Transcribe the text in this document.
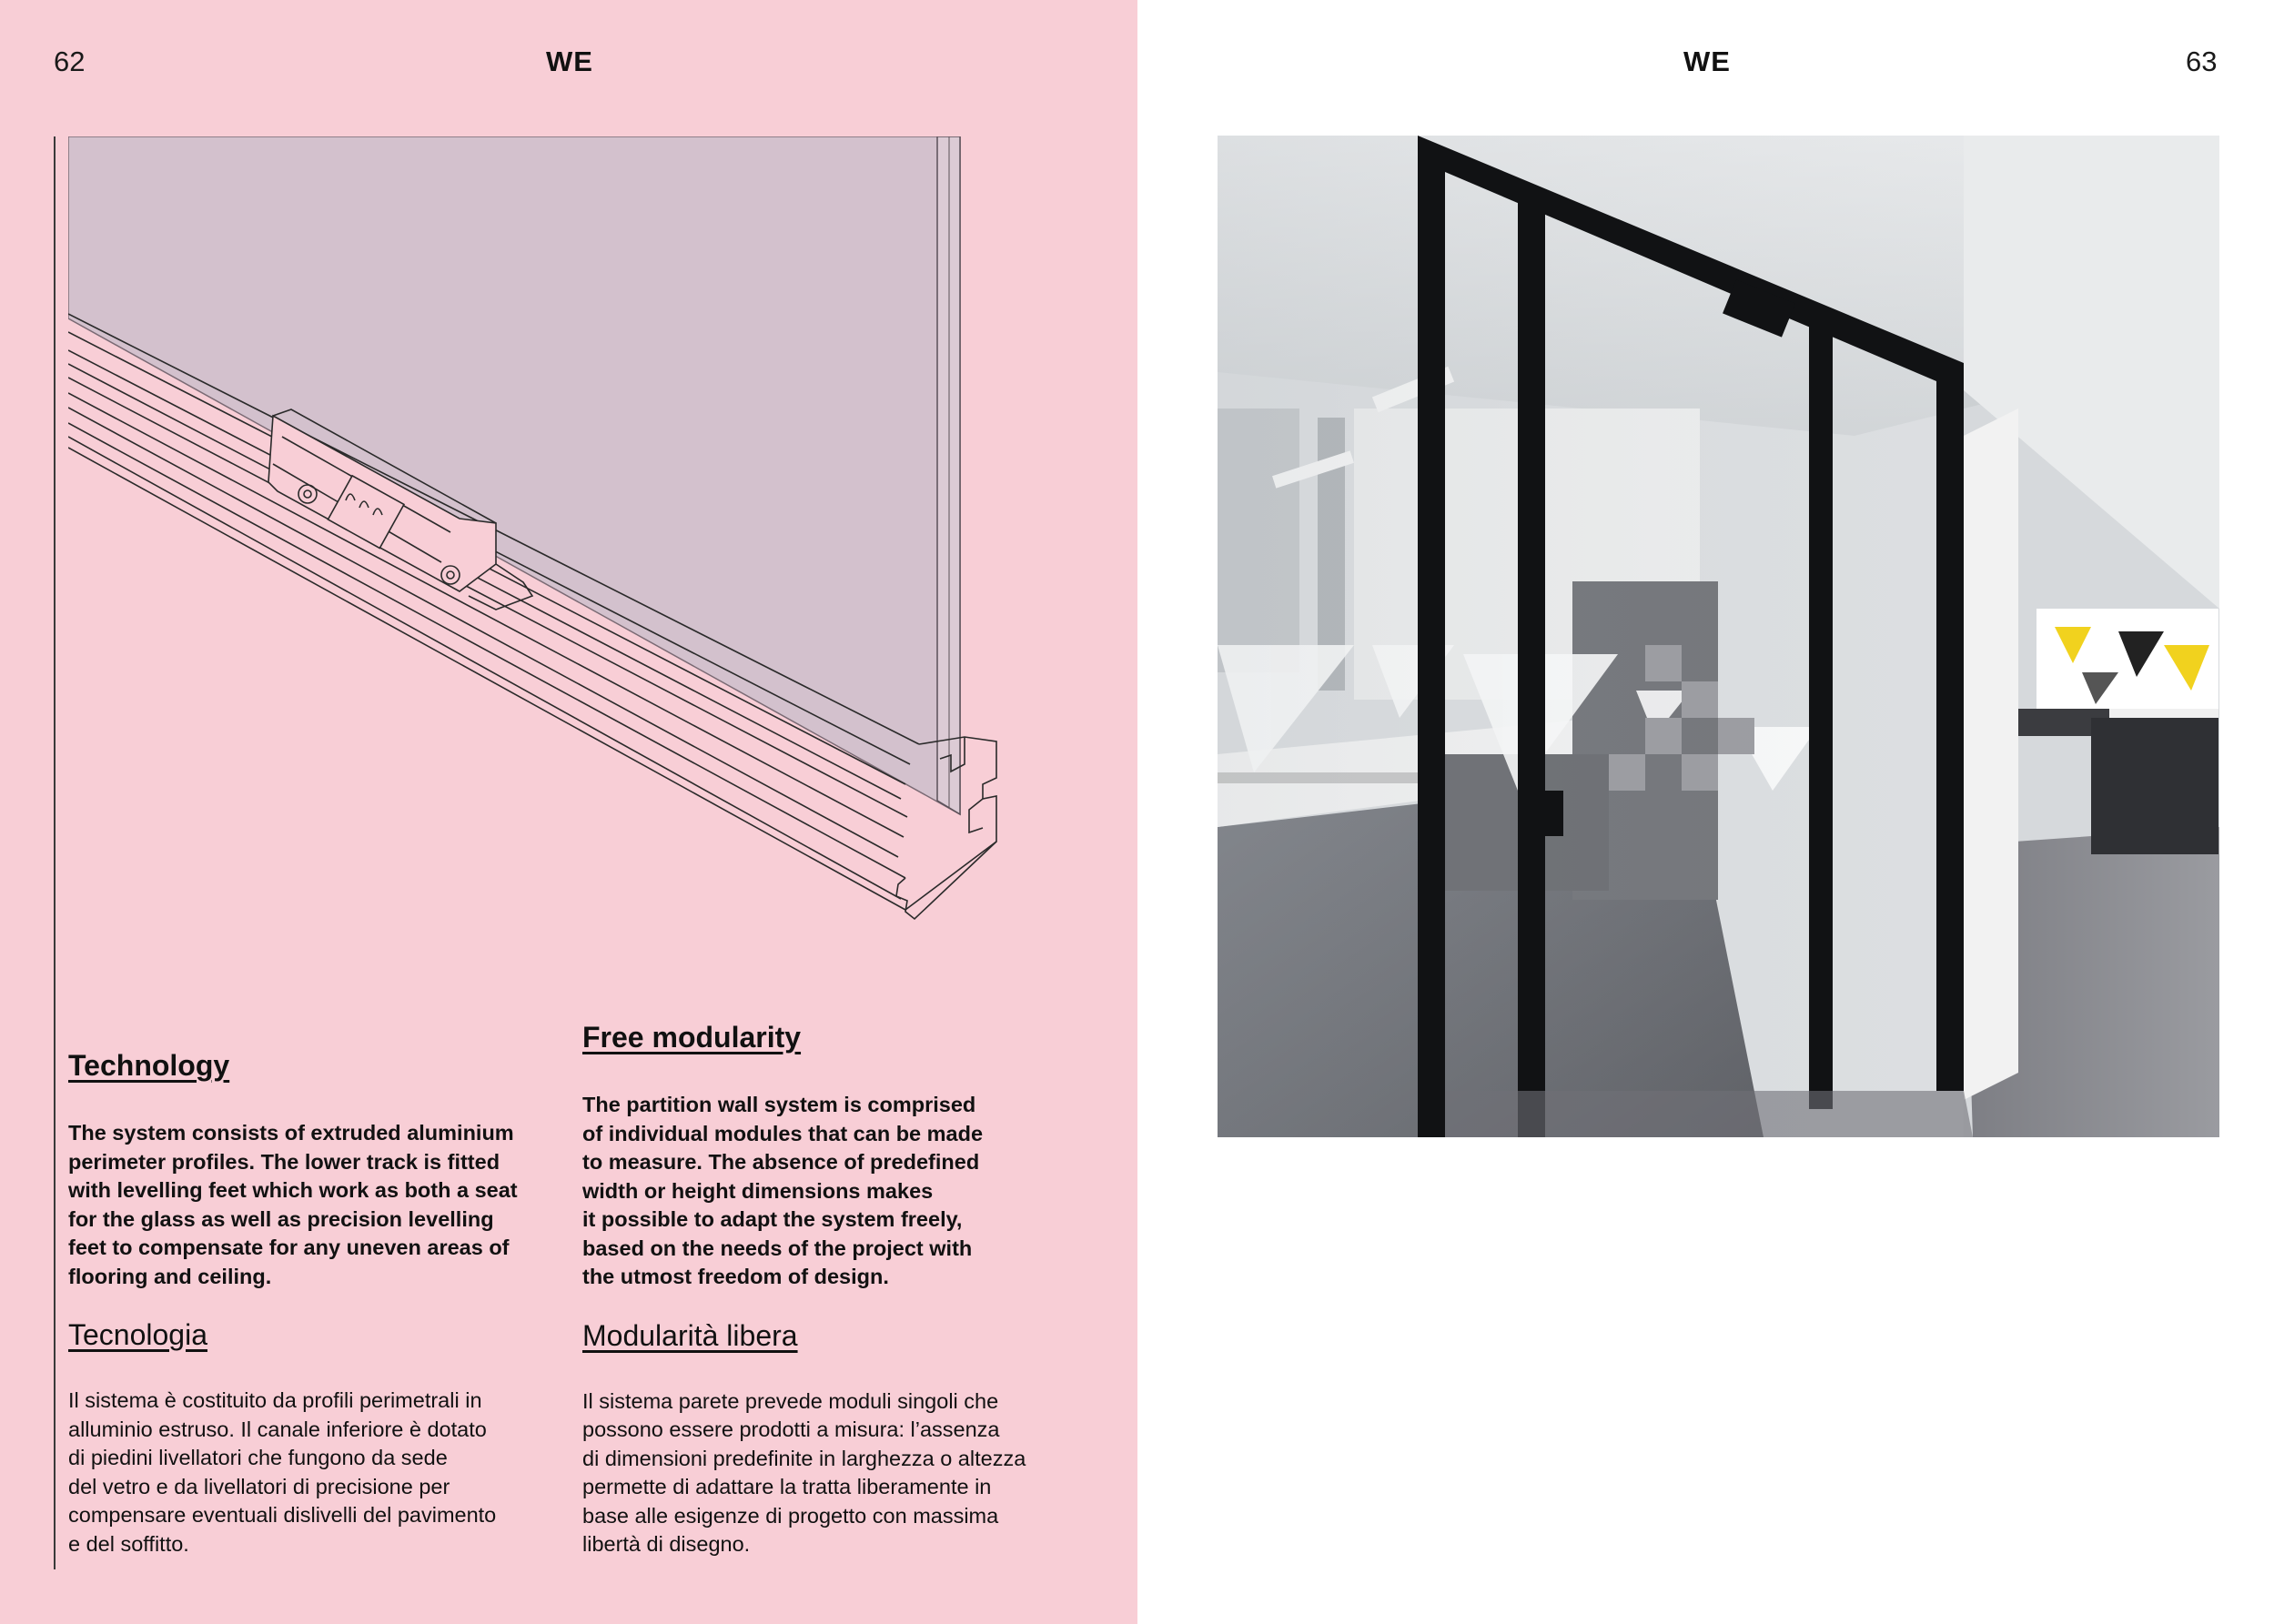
62	WE
Technology

The system consists of extruded aluminium
perimeter profiles. The lower track is fitted
with levelling feet which work as both a seat
for the glass as well as precision levelling
feet to compensate for any uneven areas of
flooring and ceiling.

Tecnologia

Il sistema è costituito da profili perimetrali in
alluminio estruso. Il canale inferiore è dotato
di piedini livellatori che fungono da sede
del vetro e da livellatori di precisione per
compensare eventuali dislivelli del pavimento
e del soffitto.

Free modularity

The partition wall system is comprised
of individual modules that can be made
to measure. The absence of predefined
width or height dimensions makes
it possible to adapt the system freely,
based on the needs of the project with
the utmost freedom of design.

Modularità libera

Il sistema parete prevede moduli singoli che
possono essere prodotti a misura: l’assenza
di dimensioni predefinite in larghezza o altezza
permette di adattare la tratta liberamente in
base alle esigenze di progetto con massima
libertà di disegno.

WE	63
